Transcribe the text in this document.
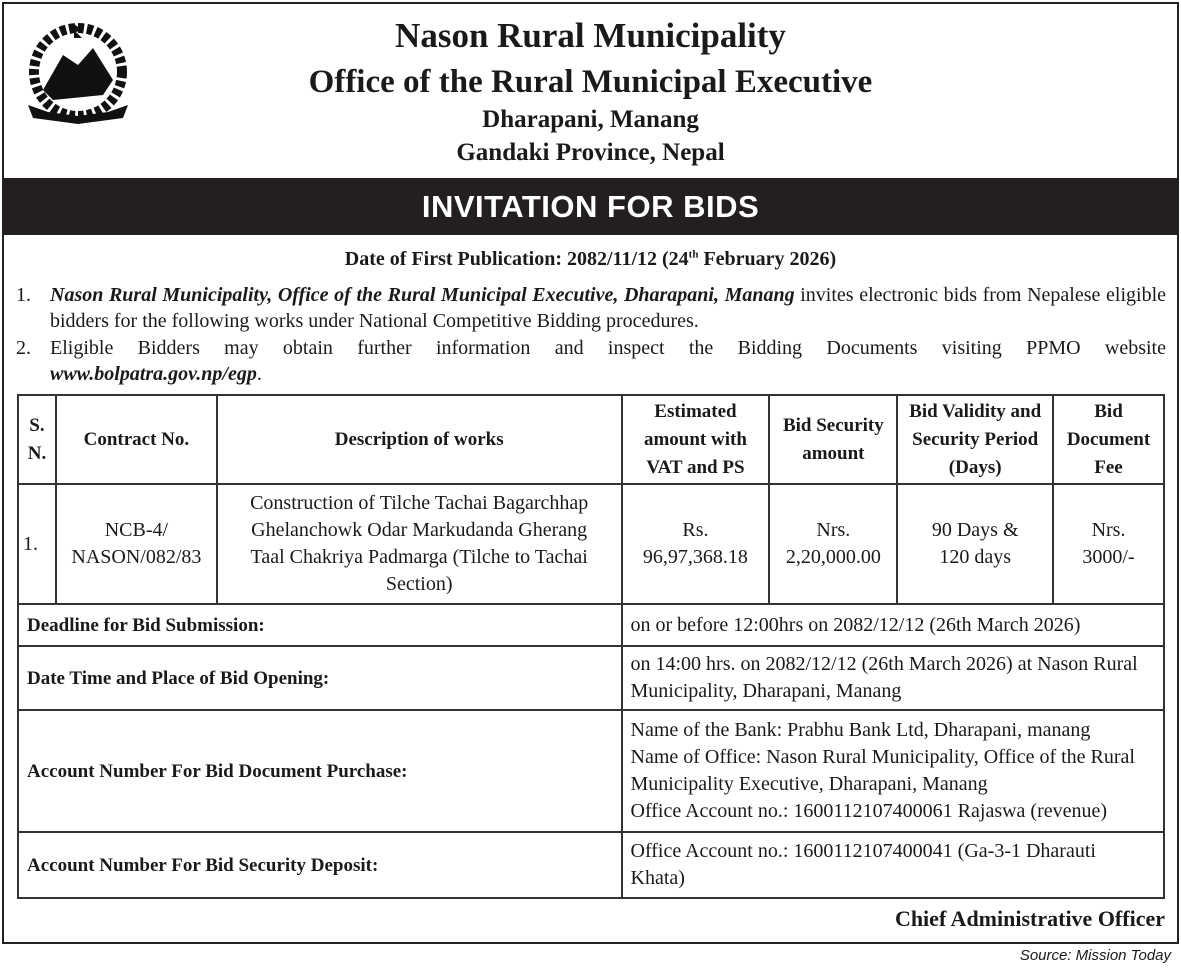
Nason Rural Municipality
Office of the Rural Municipal Executive
Dharapani, Manang
Gandaki Province, Nepal
INVITATION FOR BIDS
Date of First Publication: 2082/11/12 (24th February 2026)
1. Nason Rural Municipality, Office of the Rural Municipal Executive, Dharapani, Manang invites electronic bids from Nepalese eligible bidders for the following works under National Competitive Bidding procedures.
2. Eligible Bidders may obtain further information and inspect the Bidding Documents visiting PPMO website
www.bolpatra.gov.np/egp.
S. N.	Contract No.	Description of works	Estimated amount with VAT and PS	Bid Security amount	Bid Validity and Security Period (Days)	Bid Document Fee
1.	NCB-4/ NASON/082/83	Construction of Tilche Tachai Bagarchhap Ghelanchowk Odar Markudanda Gherang Taal Chakriya Padmarga (Tilche to Tachai Section)	Rs. 96,97,368.18	Nrs. 2,20,000.00	90 Days & 120 days	Nrs. 3000/-
Deadline for Bid Submission:			on or before 12:00hrs on 2082/12/12 (26th March 2026)			
Date Time and Place of Bid Opening:			on 14:00 hrs. on 2082/12/12 (26th March 2026) at Nason Rural Municipality, Dharapani, Manang			
Account Number For Bid Document Purchase:			Name of the Bank: Prabhu Bank Ltd, Dharapani, manang
Name of Office: Nason Rural Municipality, Office of the Rural Municipality Executive, Dharapani, Manang
Office Account no.: 1600112107400061 Rajaswa (revenue)			

Account Number For Bid Security Deposit:			Office Account no.: 1600112107400041 (Ga-3-1 Dharauti Khata)			
Chief Administrative Officer
Source: Mission Today
